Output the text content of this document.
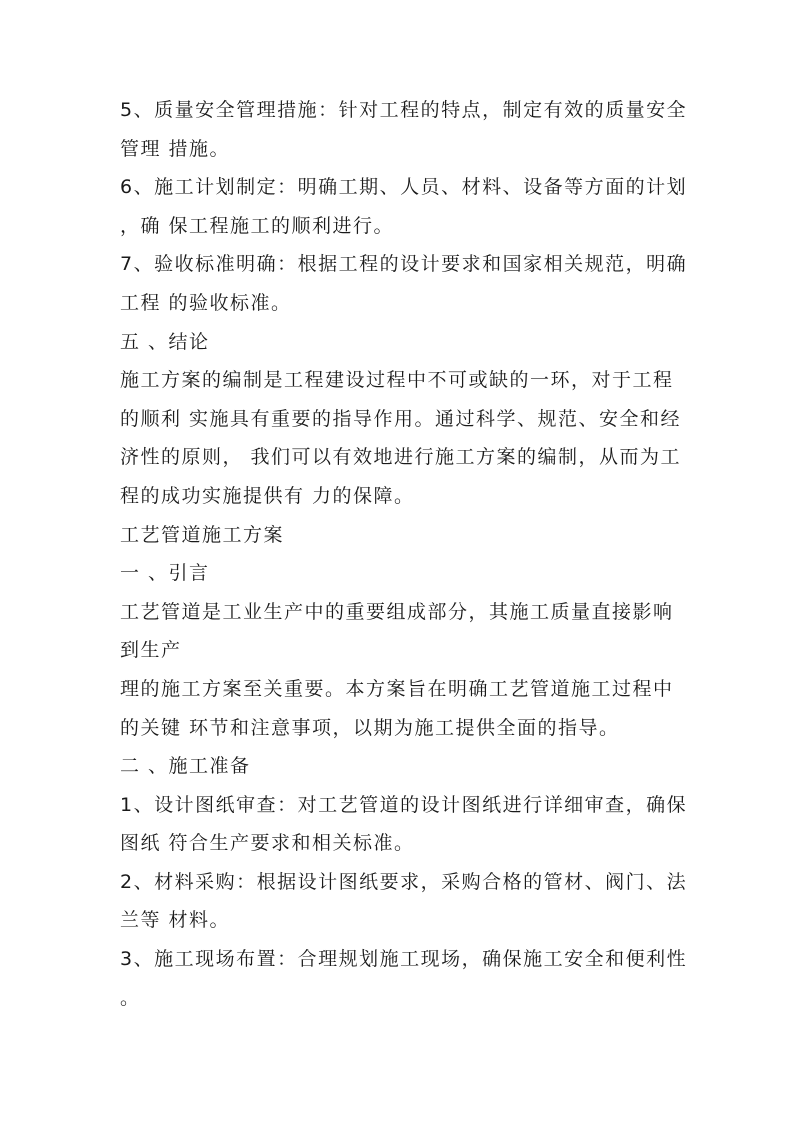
5、质量安全管理措施：针对工程的特点，制定有效的质量安全
管理 措施。
6、施工计划制定：明确工期、人员、材料、设备等方面的计划
，确 保工程施工的顺利进行。
7、验收标准明确：根据工程的设计要求和国家相关规范，明确
工程 的验收标准。
五 、结论
施工方案的编制是工程建设过程中不可或缺的一环，对于工程
的顺利 实施具有重要的指导作用。通过科学、规范、安全和经
济性的原则， 我们可以有效地进行施工方案的编制，从而为工
程的成功实施提供有 力的保障。
工艺管道施工方案
一 、引言
工艺管道是工业生产中的重要组成部分，其施工质量直接影响
到生产
理的施工方案至关重要。本方案旨在明确工艺管道施工过程中
的关键 环节和注意事项，以期为施工提供全面的指导。
二 、施工准备
1、设计图纸审查：对工艺管道的设计图纸进行详细审查，确保
图纸 符合生产要求和相关标准。
2、材料采购：根据设计图纸要求，采购合格的管材、阀门、法
兰等 材料。
3、施工现场布置：合理规划施工现场，确保施工安全和便利性
。
